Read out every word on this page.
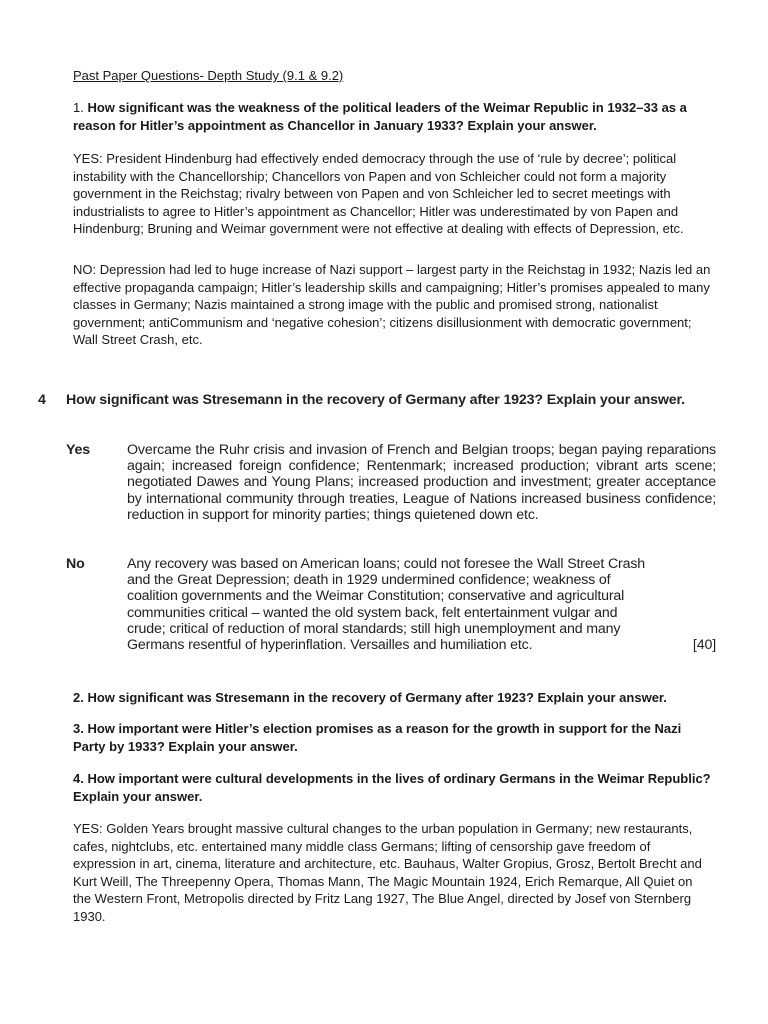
Past Paper Questions- Depth Study (9.1 & 9.2)

1. How significant was the weakness of the political leaders of the Weimar Republic in 1932–33 as a reason for Hitler’s appointment as Chancellor in January 1933? Explain your answer.

YES: President Hindenburg had effectively ended democracy through the use of ‘rule by decree’; political instability with the Chancellorship; Chancellors von Papen and von Schleicher could not form a majority government in the Reichstag; rivalry between von Papen and von Schleicher led to secret meetings with industrialists to agree to Hitler’s appointment as Chancellor; Hitler was underestimated by von Papen and Hindenburg; Bruning and Weimar government were not effective at dealing with effects of Depression, etc.

NO: Depression had led to huge increase of Nazi support – largest party in the Reichstag in 1932; Nazis led an effective propaganda campaign; Hitler’s leadership skills and campaigning; Hitler’s promises appealed to many classes in Germany; Nazis maintained a strong image with the public and promised strong, nationalist government; antiCommunism and ‘negative cohesion’; citizens disillusionment with democratic government; Wall Street Crash, etc.

4 How significant was Stresemann in the recovery of Germany after 1923? Explain your answer.
Yes	Overcame the Ruhr crisis and invasion of French and Belgian troops; began paying reparations again; increased foreign confidence; Rentenmark; increased production; vibrant arts scene; negotiated Dawes and Young Plans; increased production and investment; greater acceptance by international community through treaties, League of Nations increased business confidence; reduction in support for minority parties; things quietened down etc.
No	Any recovery was based on American loans; could not foresee the Wall Street Crash and the Great Depression; death in 1929 undermined confidence; weakness of coalition governments and the Weimar Constitution; conservative and agricultural communities critical – wanted the old system back, felt entertainment vulgar and crude; critical of reduction of moral standards; still high unemployment and many Germans resentful of hyperinflation. Versailles and humiliation etc.	[40]

2. How significant was Stresemann in the recovery of Germany after 1923? Explain your answer.

3. How important were Hitler’s election promises as a reason for the growth in support for the Nazi Party by 1933? Explain your answer.

4. How important were cultural developments in the lives of ordinary Germans in the Weimar Republic? Explain your answer.

YES: Golden Years brought massive cultural changes to the urban population in Germany; new restaurants, cafes, nightclubs, etc. entertained many middle class Germans; lifting of censorship gave freedom of expression in art, cinema, literature and architecture, etc. Bauhaus, Walter Gropius, Grosz, Bertolt Brecht and Kurt Weill, The Threepenny Opera, Thomas Mann, The Magic Mountain 1924, Erich Remarque, All Quiet on the Western Front, Metropolis directed by Fritz Lang 1927, The Blue Angel, directed by Josef von Sternberg 1930.
